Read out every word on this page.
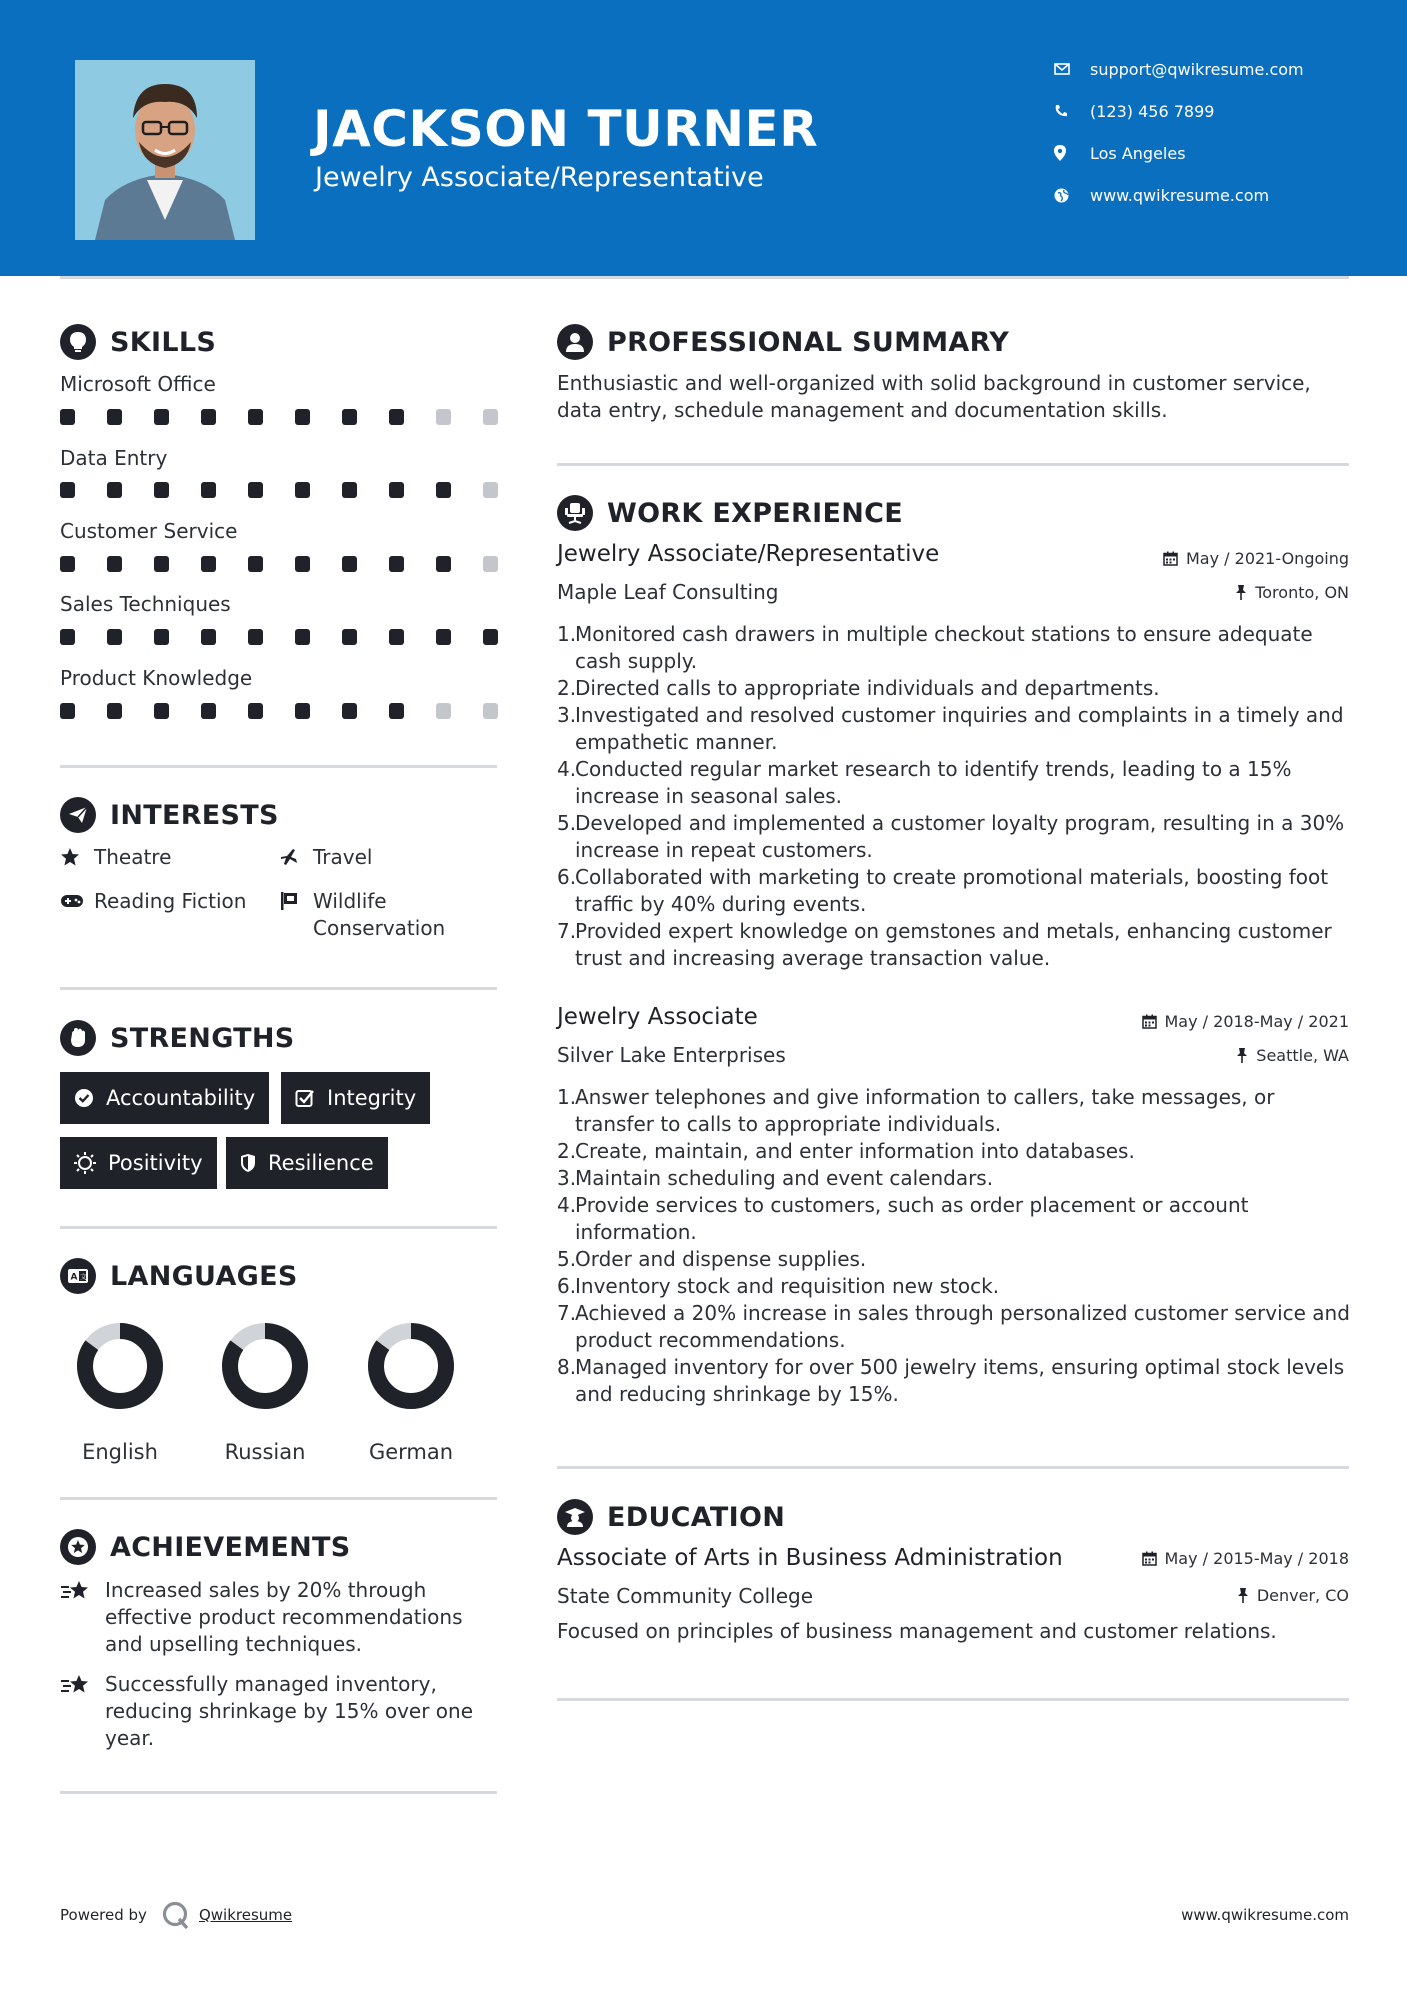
JACKSON TURNER
Jewelry Associate/Representative
support@qwikresume.com
(123) 456 7899
Los Angeles
www.qwikresume.com
SKILLS
Microsoft Office
Data Entry
Customer Service
Sales Techniques
Product Knowledge
INTERESTS
Theatre	Travel
Reading Fiction	Wildlife Conservation
STRENGTHS
Accountability	Integrity
Positivity	Resilience
A 文 LANGUAGES
English	Russian	German
ACHIEVEMENTS
Increased sales by 20% through effective product recommendations and upselling techniques.
Successfully managed inventory, reducing shrinkage by 15% over one year.
PROFESSIONAL SUMMARY
Enthusiastic and well-organized with solid background in customer service, data entry, schedule management and documentation skills.
WORK EXPERIENCE
Jewelry Associate/Representative	May / 2021-Ongoing
Maple Leaf Consulting	Toronto, ON
1.
Monitored cash drawers in multiple checkout stations to ensure adequate cash supply.
2.
Directed calls to appropriate individuals and departments.
3.
Investigated and resolved customer inquiries and complaints in a timely and empathetic manner.
4.
Conducted regular market research to identify trends, leading to a 15% increase in seasonal sales.
5.
Developed and implemented a customer loyalty program, resulting in a 30% increase in repeat customers.
6.
Collaborated with marketing to create promotional materials, boosting foot traffic by 40% during events.
7.
Provided expert knowledge on gemstones and metals, enhancing customer trust and increasing average transaction value.
Jewelry Associate	May / 2018-May / 2021
Silver Lake Enterprises	Seattle, WA
1.
Answer telephones and give information to callers, take messages, or transfer to calls to appropriate individuals.
2.
Create, maintain, and enter information into databases.
3.
Maintain scheduling and event calendars.
4.
Provide services to customers, such as order placement or account information.
5.
Order and dispense supplies.
6.
Inventory stock and requisition new stock.
7.
Achieved a 20% increase in sales through personalized customer service and product recommendations.
8.
Managed inventory for over 500 jewelry items, ensuring optimal stock levels and reducing shrinkage by 15%.
EDUCATION
Associate of Arts in Business Administration	May / 2015-May / 2018
State Community College	Denver, CO
Focused on principles of business management and customer relations.
Powered by	Qwikresume	www.qwikresume.com
